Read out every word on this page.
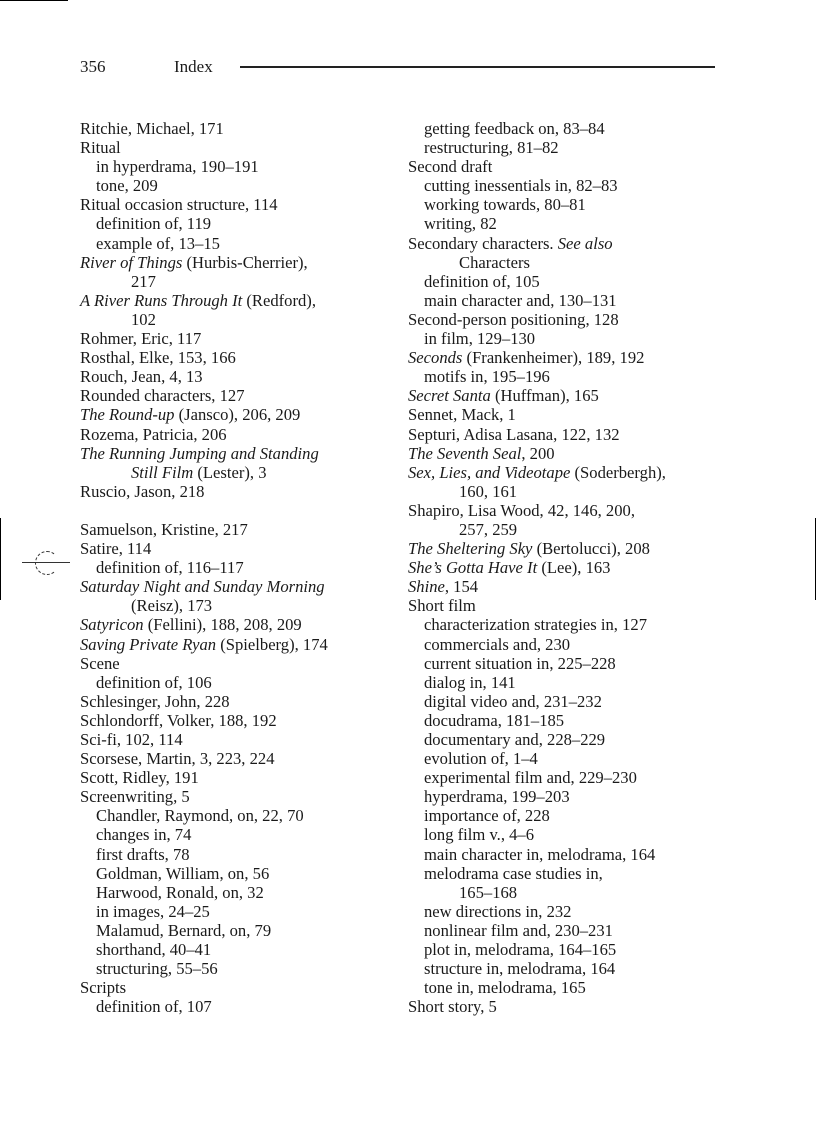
356	Index
Ritchie, Michael, 171
Ritual
in hyperdrama, 190–191
tone, 209
Ritual occasion structure, 114
definition of, 119
example of, 13–15
River of Things (Hurbis-Cherrier),
217
A River Runs Through It (Redford),
102
Rohmer, Eric, 117
Rosthal, Elke, 153, 166
Rouch, Jean, 4, 13
Rounded characters, 127
The Round-up (Jansco), 206, 209
Rozema, Patricia, 206
The Running Jumping and Standing
Still Film (Lester), 3
Ruscio, Jason, 218
Samuelson, Kristine, 217
Satire, 114
definition of, 116–117
Saturday Night and Sunday Morning
(Reisz), 173
Satyricon (Fellini), 188, 208, 209
Saving Private Ryan (Spielberg), 174
Scene
definition of, 106
Schlesinger, John, 228
Schlondorff, Volker, 188, 192
Sci-fi, 102, 114
Scorsese, Martin, 3, 223, 224
Scott, Ridley, 191
Screenwriting, 5
Chandler, Raymond, on, 22, 70
changes in, 74
first drafts, 78
Goldman, William, on, 56
Harwood, Ronald, on, 32
in images, 24–25
Malamud, Bernard, on, 79
shorthand, 40–41
structuring, 55–56
Scripts
definition of, 107
getting feedback on, 83–84
restructuring, 81–82
Second draft
cutting inessentials in, 82–83
working towards, 80–81
writing, 82
Secondary characters. See also
Characters
definition of, 105
main character and, 130–131
Second-person positioning, 128
in film, 129–130
Seconds (Frankenheimer), 189, 192
motifs in, 195–196
Secret Santa (Huffman), 165
Sennet, Mack, 1
Septuri, Adisa Lasana, 122, 132
The Seventh Seal, 200
Sex, Lies, and Videotape (Soderbergh),
160, 161
Shapiro, Lisa Wood, 42, 146, 200,
257, 259
The Sheltering Sky (Bertolucci), 208
She’s Gotta Have It (Lee), 163
Shine, 154
Short film
characterization strategies in, 127
commercials and, 230
current situation in, 225–228
dialog in, 141
digital video and, 231–232
docudrama, 181–185
documentary and, 228–229
evolution of, 1–4
experimental film and, 229–230
hyperdrama, 199–203
importance of, 228
long film v., 4–6
main character in, melodrama, 164
melodrama case studies in,
165–168
new directions in, 232
nonlinear film and, 230–231
plot in, melodrama, 164–165
structure in, melodrama, 164
tone in, melodrama, 165
Short story, 5
